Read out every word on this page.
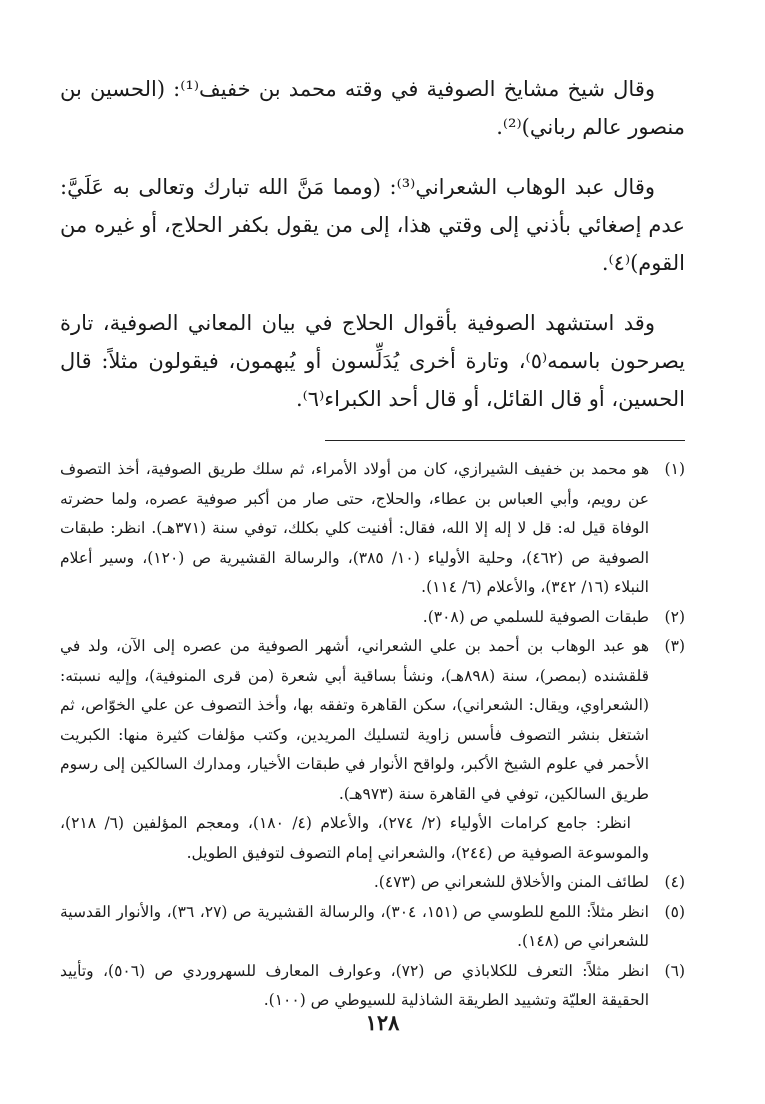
وقال شيخ مشايخ الصوفية في وقته محمد بن خفيف⁽¹⁾: (الحسين بن منصور عالم رباني)⁽²⁾.

وقال عبد الوهاب الشعراني⁽³⁾: (ومما مَنَّ الله تبارك وتعالى به عَلَيَّ: عدم إصغائي بأذني إلى وقتي هذا، إلى من يقول بكفر الحلاج، أو غيره من القوم)⁽٤⁾.

وقد استشهد الصوفية بأقوال الحلاج في بيان المعاني الصوفية، تارة يصرحون باسمه⁽٥⁾، وتارة أخرى يُدَلِّسون أو يُبهمون، فيقولون مثلاً: قال الحسين، أو قال القائل، أو قال أحد الكبراء⁽٦⁾.

(١)
هو محمد بن خفيف الشيرازي، كان من أولاد الأمراء، ثم سلك طريق الصوفية، أخذ التصوف عن رويم، وأبي العباس بن عطاء، والحلاج، حتى صار من أكبر صوفية عصره، ولما حضرته الوفاة قيل له: قل لا إله إلا الله، فقال: أفنيت كلي بكلك، توفي سنة (٣٧١هـ). انظر: طبقات الصوفية ص (٤٦٢)، وحلية الأولياء (١٠/ ٣٨٥)، والرسالة القشيرية ص (١٢٠)، وسير أعلام النبلاء (١٦/ ٣٤٢)، والأعلام (٦/ ١١٤).
(٢)
طبقات الصوفية للسلمي ص (٣٠٨).
(٣)
هو عبد الوهاب بن أحمد بن علي الشعراني، أشهر الصوفية من عصره إلى الآن، ولد في قلقشنده (بمصر)، سنة (٨٩٨هـ)، ونشأ بساقية أبي شعرة (من قرى المنوفية)، وإليه نسبته: (الشعراوي، ويقال: الشعراني)، سكن القاهرة وتفقه بها، وأخذ التصوف عن علي الخوّاص، ثم اشتغل بنشر التصوف فأسس زاوية لتسليك المريدين، وكتب مؤلفات كثيرة منها: الكبريت الأحمر في علوم الشيخ الأكبر، ولواقح الأنوار في طبقات الأخيار، ومدارك السالكين إلى رسوم طريق السالكين، توفي في القاهرة سنة (٩٧٣هـ).
انظر: جامع كرامات الأولياء (٢/ ٢٧٤)، والأعلام (٤/ ١٨٠)، ومعجم المؤلفين (٦/ ٢١٨)، والموسوعة الصوفية ص (٢٤٤)، والشعراني إمام التصوف لتوفيق الطويل.
(٤)
لطائف المنن والأخلاق للشعراني ص (٤٧٣).
(٥)
انظر مثلاً: اللمع للطوسي ص (١٥١، ٣٠٤)، والرسالة القشيرية ص (٢٧، ٣٦)، والأنوار القدسية للشعراني ص (١٤٨).
(٦)
انظر مثلاً: التعرف للكلاباذي ص (٧٢)، وعوارف المعارف للسهروردي ص (٥٠٦)، وتأييد الحقيقة العليّة وتشييد الطريقة الشاذلية للسيوطي ص (١٠٠).
١٢٨
